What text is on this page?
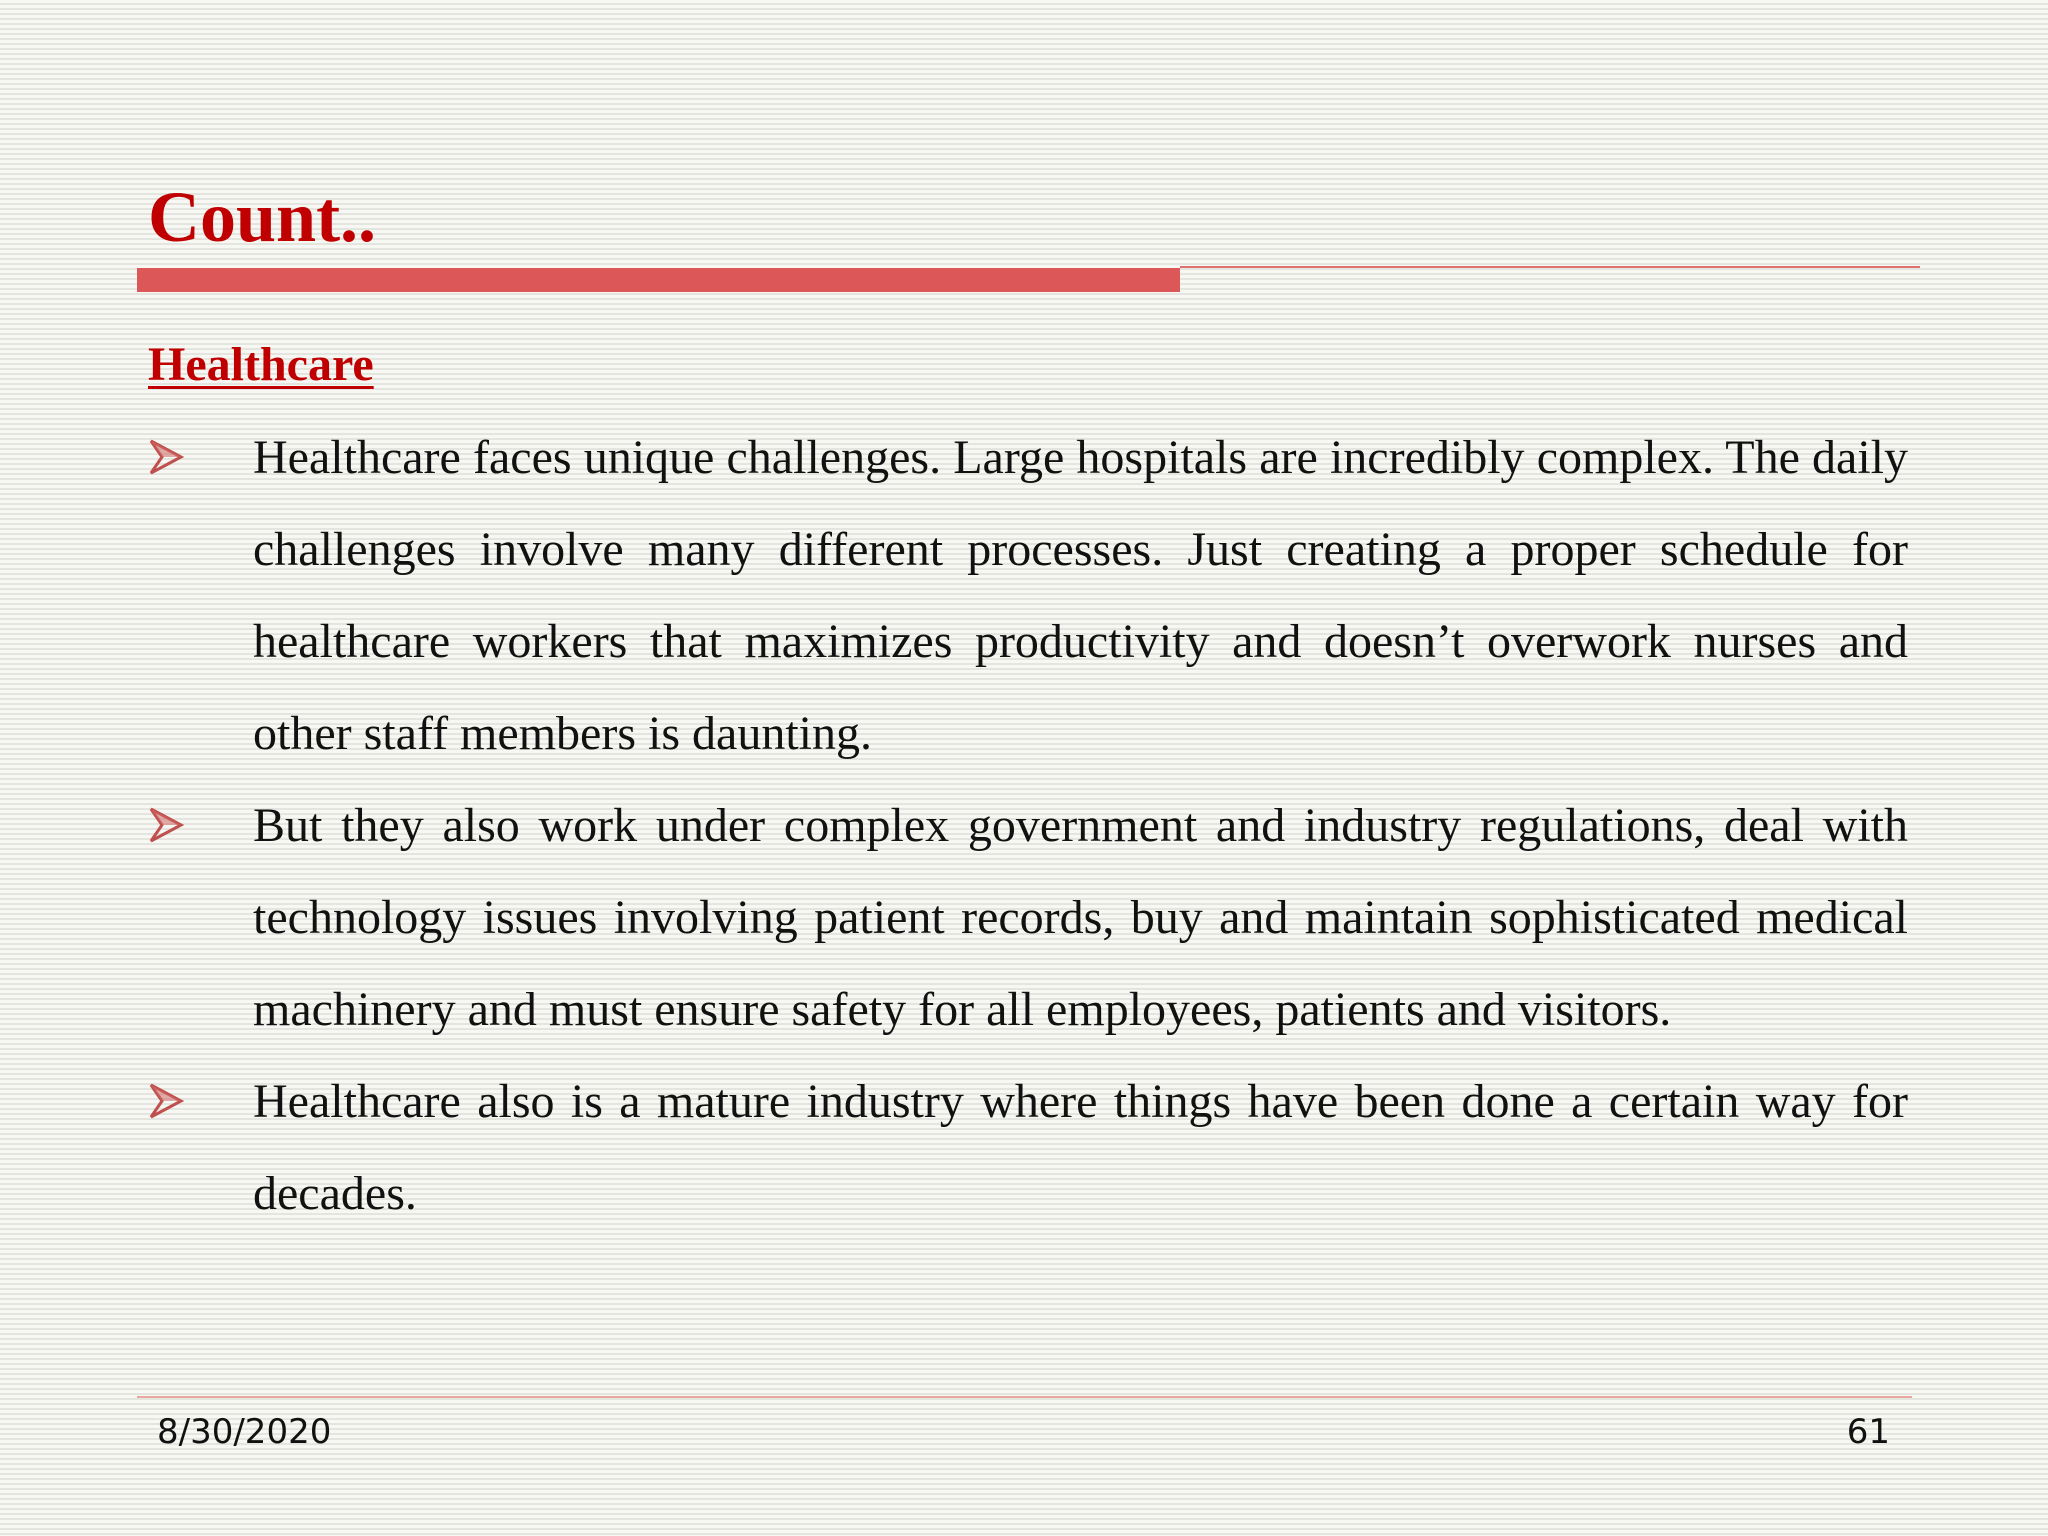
Count..
Healthcare
Healthcare faces unique challenges. Large hospitals are incredibly complex. The daily challenges involve many different processes. Just creating a proper schedule for healthcare workers that maximizes productivity and doesn’t overwork nurses and other staff members is daunting.
But they also work under complex government and industry regulations, deal with technology issues involving patient records, buy and maintain sophisticated medical machinery and must ensure safety for all employees, patients and visitors.
Healthcare also is a mature industry where things have been done a certain way for decades.
8/30/2020	61
